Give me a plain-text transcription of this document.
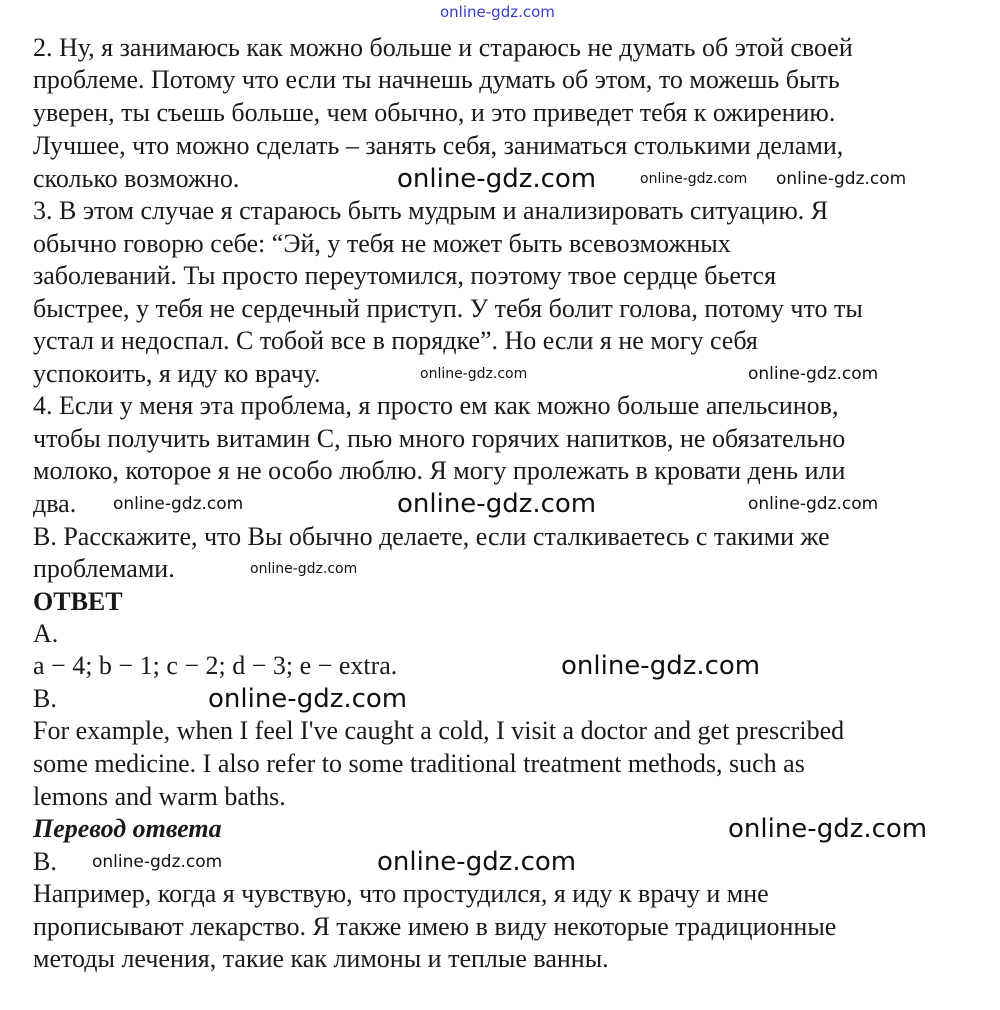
online-gdz.com
2. Ну, я занимаюсь как можно больше и стараюсь не думать об этой своей
проблеме. Потому что если ты начнешь думать об этом, то можешь быть
уверен, ты съешь больше, чем обычно, и это приведет тебя к ожирению.
Лучшее, что можно сделать – занять себя, заниматься столькими делами,
сколько возможно.
3. В этом случае я стараюсь быть мудрым и анализировать ситуацию. Я
обычно говорю себе: “Эй, у тебя не может быть всевозможных
заболеваний. Ты просто переутомился, поэтому твое сердце бьется
быстрее, у тебя не сердечный приступ. У тебя болит голова, потому что ты
устал и недоспал. С тобой все в порядке”. Но если я не могу себя
успокоить, я иду ко врачу.
4. Если у меня эта проблема, я просто ем как можно больше апельсинов,
чтобы получить витамин С, пью много горячих напитков, не обязательно
молоко, которое я не особо люблю. Я могу пролежать в кровати день или
два.
B. Расскажите, что Вы обычно делаете, если сталкиваетесь с такими же
проблемами.
ОТВЕТ
A.
a − 4; b − 1; c − 2; d − 3; e − extra.
B.
For example, when I feel I've caught a cold, I visit a doctor and get prescribed
some medicine. I also refer to some traditional treatment methods, such as
lemons and warm baths.
Перевод ответа
B.
Например, когда я чувствую, что простудился, я иду к врачу и мне
прописывают лекарство. Я также имею в виду некоторые традиционные
методы лечения, такие как лимоны и теплые ванны.
online-gdz.com	online-gdz.com online-gdz.com
online-gdz.com	online-gdz.com
online-gdz.com	online-gdz.com	online-gdz.com
online-gdz.com
online-gdz.com
online-gdz.com
online-gdz.com
online-gdz.com	online-gdz.com
